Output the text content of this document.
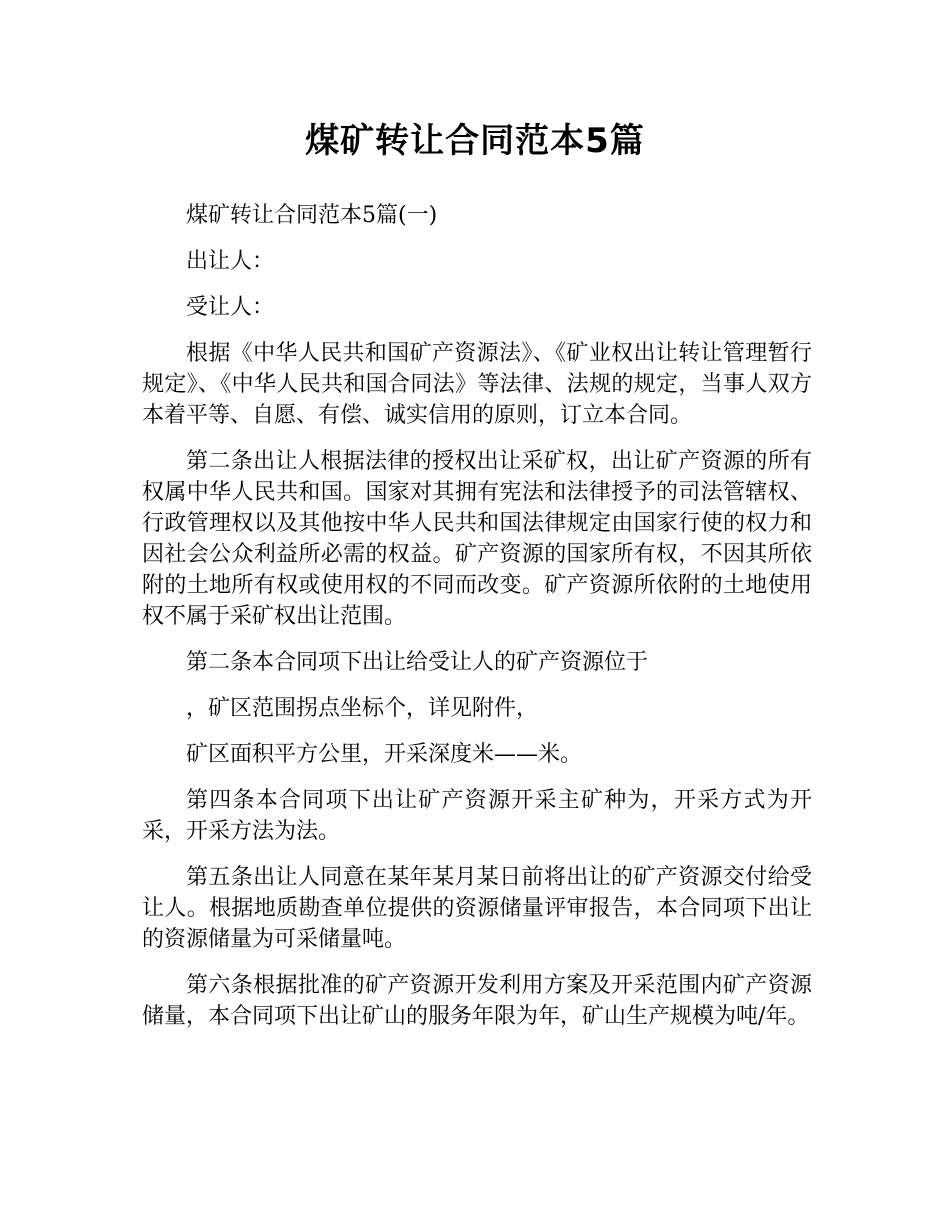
煤矿转让合同范本5篇

煤矿转让合同范本5篇(一)

出让人：

受让人：

根据《中华人民共和国矿产资源法》、《矿业权出让转让管理暂行规定》、《中华人民共和国合同法》等法律、法规的规定，当事人双方本着平等、自愿、有偿、诚实信用的原则，订立本合同。

第二条出让人根据法律的授权出让采矿权，出让矿产资源的所有权属中华人民共和国。国家对其拥有宪法和法律授予的司法管辖权、行政管理权以及其他按中华人民共和国法律规定由国家行使的权力和因社会公众利益所必需的权益。矿产资源的国家所有权，不因其所依附的土地所有权或使用权的不同而改变。矿产资源所依附的土地使用权不属于采矿权出让范围。

第二条本合同项下出让给受让人的矿产资源位于

，矿区范围拐点坐标个，详见附件，

矿区面积平方公里，开采深度米——米。

第四条本合同项下出让矿产资源开采主矿种为，开采方式为开采，开采方法为法。

第五条出让人同意在某年某月某日前将出让的矿产资源交付给受让人。根据地质勘查单位提供的资源储量评审报告，本合同项下出让的资源储量为可采储量吨。

第六条根据批准的矿产资源开发利用方案及开采范围内矿产资源储量，本合同项下出让矿山的服务年限为年，矿山生产规模为吨/年。
